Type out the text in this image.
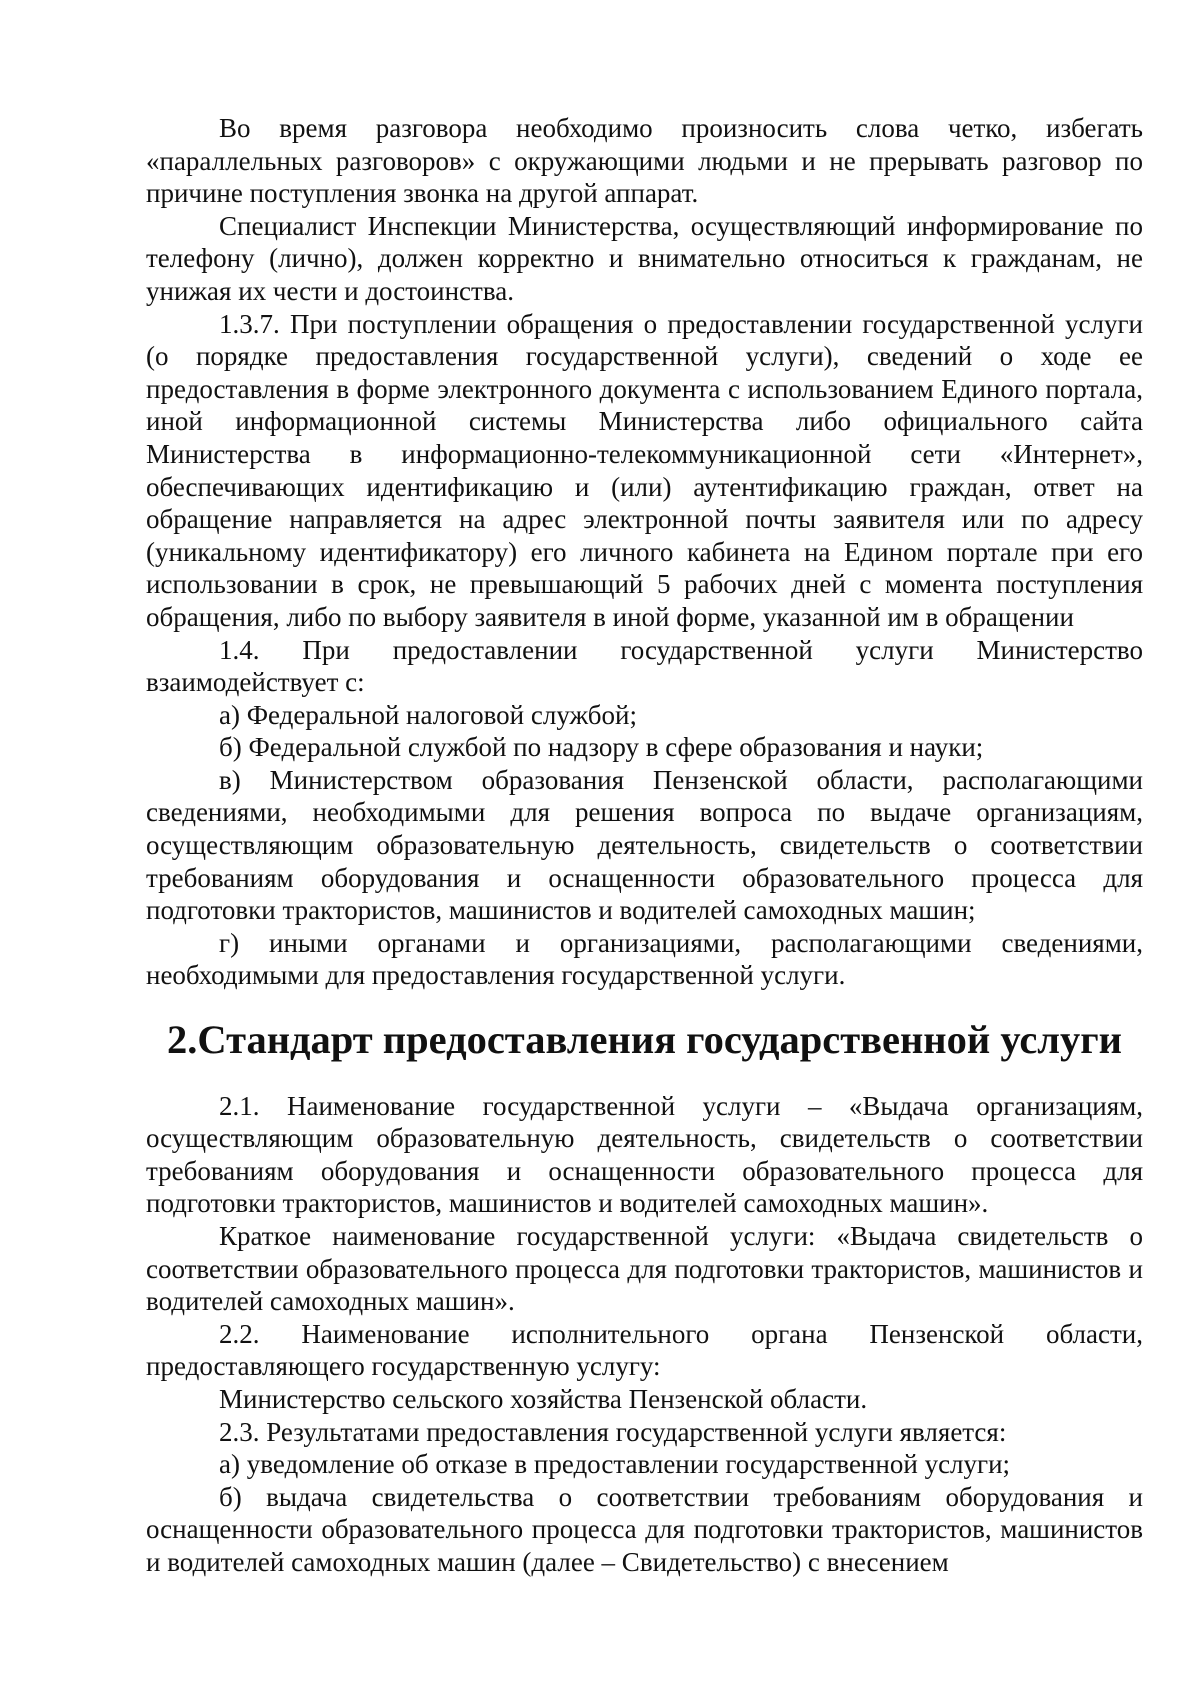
Во время разговора необходимо произносить слова четко, избегать «параллельных разговоров» с окружающими людьми и не прерывать разговор по причине поступления звонка на другой аппарат.

Специалист Инспекции Министерства, осуществляющий информирование по телефону (лично), должен корректно и внимательно относиться к гражданам, не унижая их чести и достоинства.

1.3.7. При поступлении обращения о предоставлении государственной услуги (о порядке предоставления государственной услуги), сведений о ходе ее предоставления в форме электронного документа с использованием Единого портала, иной информационной системы Министерства либо официального сайта Министерства в информационно-телекоммуникационной сети «Интернет», обеспечивающих идентификацию и (или) аутентификацию граждан, ответ на обращение направляется на адрес электронной почты заявителя или по адресу (уникальному идентификатору) его личного кабинета на Едином портале при его использовании в срок, не превышающий 5 рабочих дней с момента поступления обращения, либо по выбору заявителя в иной форме, указанной им в обращении

1.4. При предоставлении государственной услуги Министерство взаимодействует с:

а) Федеральной налоговой службой;

б) Федеральной службой по надзору в сфере образования и науки;

в) Министерством образования Пензенской области, располагающими сведениями, необходимыми для решения вопроса по выдаче организациям, осуществляющим образовательную деятельность, свидетельств о соответствии требованиям оборудования и оснащенности образовательного процесса для подготовки трактористов, машинистов и водителей самоходных машин;

г) иными органами и организациями, располагающими сведениями, необходимыми для предоставления государственной услуги.

2.Стандарт предоставления государственной услуги

2.1. Наименование государственной услуги – «Выдача организациям, осуществляющим образовательную деятельность, свидетельств о соответствии требованиям оборудования и оснащенности образовательного процесса для подготовки трактористов, машинистов и водителей самоходных машин».

Краткое наименование государственной услуги: «Выдача свидетельств о соответствии образовательного процесса для подготовки трактористов, машинистов и водителей самоходных машин».

2.2. Наименование исполнительного органа Пензенской области, предоставляющего государственную услугу:

Министерство сельского хозяйства Пензенской области.

2.3. Результатами предоставления государственной услуги является:

а) уведомление об отказе в предоставлении государственной услуги;

б) выдача свидетельства о соответствии требованиям оборудования и оснащенности образовательного процесса для подготовки трактористов, машинистов и водителей самоходных машин (далее – Свидетельство) с внесением
